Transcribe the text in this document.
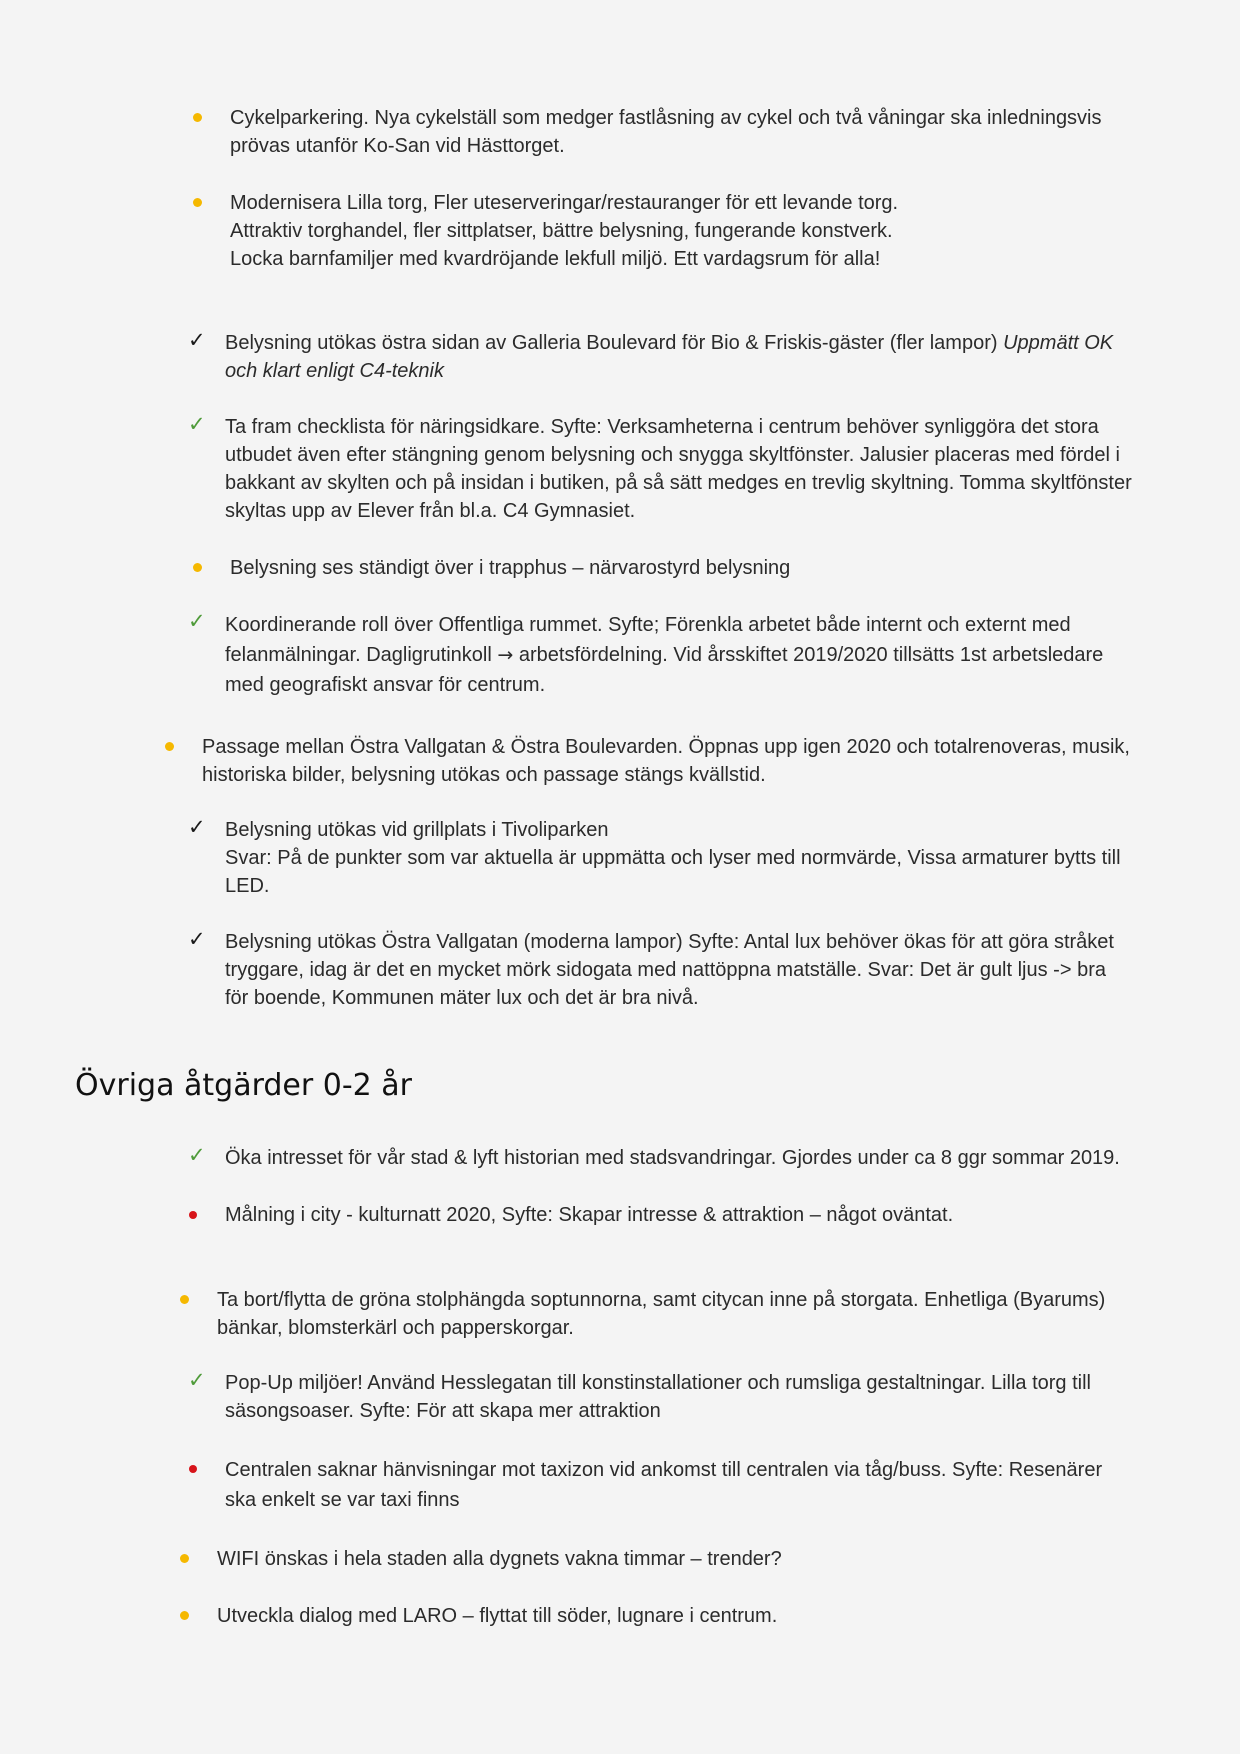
Cykelparkering. Nya cykelställ som medger fastlåsning av cykel och två våningar ska inledningsvis
prövas utanför Ko-San vid Hästtorget.
Modernisera Lilla torg, Fler uteserveringar/restauranger för ett levande torg.
Attraktiv torghandel, fler sittplatser, bättre belysning, fungerande konstverk.
Locka barnfamiljer med kvardröjande lekfull miljö. Ett vardagsrum för alla!
✓ Belysning utökas östra sidan av Galleria Boulevard för Bio & Friskis-gäster (fler lampor) Uppmätt OK
och klart enligt C4-teknik
✓ Ta fram checklista för näringsidkare. Syfte: Verksamheterna i centrum behöver synliggöra det stora
utbudet även efter stängning genom belysning och snygga skyltfönster. Jalusier placeras med fördel i
bakkant av skylten och på insidan i butiken, på så sätt medges en trevlig skyltning. Tomma skyltfönster
skyltas upp av Elever från bl.a. C4 Gymnasiet.
Belysning ses ständigt över i trapphus – närvarostyrd belysning
✓ Koordinerande roll över Offentliga rummet. Syfte; Förenkla arbetet både internt och externt med
felanmälningar. Dagligrutinkoll → arbetsfördelning. Vid årsskiftet 2019/2020 tillsätts 1st arbetsledare
med geografiskt ansvar för centrum.
Passage mellan Östra Vallgatan & Östra Boulevarden. Öppnas upp igen 2020 och totalrenoveras, musik,
historiska bilder, belysning utökas och passage stängs kvällstid.
✓ Belysning utökas vid grillplats i Tivoliparken
Svar: På de punkter som var aktuella är uppmätta och lyser med normvärde, Vissa armaturer bytts till
LED.
✓ Belysning utökas Östra Vallgatan (moderna lampor) Syfte: Antal lux behöver ökas för att göra stråket
tryggare, idag är det en mycket mörk sidogata med nattöppna matställe. Svar: Det är gult ljus -> bra
för boende, Kommunen mäter lux och det är bra nivå.
Övriga åtgärder 0-2 år
✓ Öka intresset för vår stad & lyft historian med stadsvandringar. Gjordes under ca 8 ggr sommar 2019.
Målning i city - kulturnatt 2020, Syfte: Skapar intresse & attraktion – något oväntat.
Ta bort/flytta de gröna stolphängda soptunnorna, samt citycan inne på storgata. Enhetliga (Byarums)
bänkar, blomsterkärl och papperskorgar.
✓ Pop-Up miljöer! Använd Hesslegatan till konstinstallationer och rumsliga gestaltningar. Lilla torg till
säsongsoaser. Syfte: För att skapa mer attraktion
Centralen saknar hänvisningar mot taxizon vid ankomst till centralen via tåg/buss. Syfte: Resenärer
ska enkelt se var taxi finns
WIFI önskas i hela staden alla dygnets vakna timmar – trender?
Utveckla dialog med LARO – flyttat till söder, lugnare i centrum.
